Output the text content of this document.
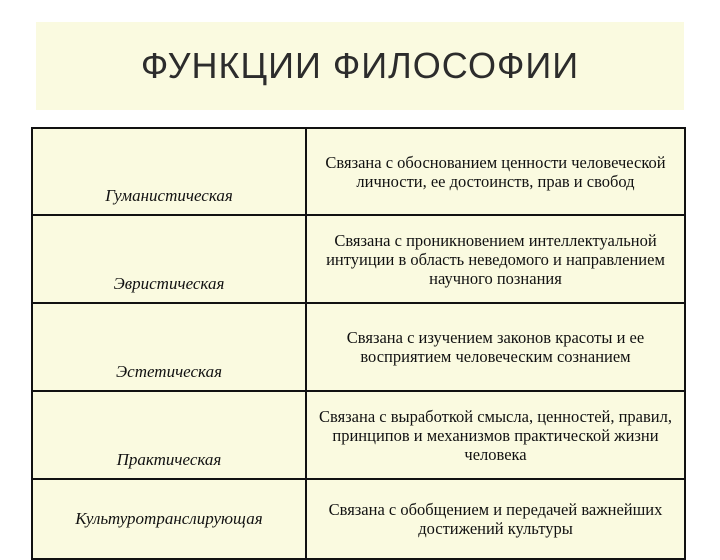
ФУНКЦИИ ФИЛОСОФИИ
Гуманистическая	Связана с обоснованием ценности человеческой личности, ее достоинств, прав и свобод

Эвристическая	Связана с проникновением интеллектуальной интуиции в область неведомого и направлением научного познания

Эстетическая	Связана с изучением законов красоты и ее восприятием человеческим сознанием

Практическая	Связана с выработкой смысла, ценностей, правил, принципов и механизмов практической жизни человека

Культуротранслирующая	Связана с обобщением и передачей важнейших достижений культуры
